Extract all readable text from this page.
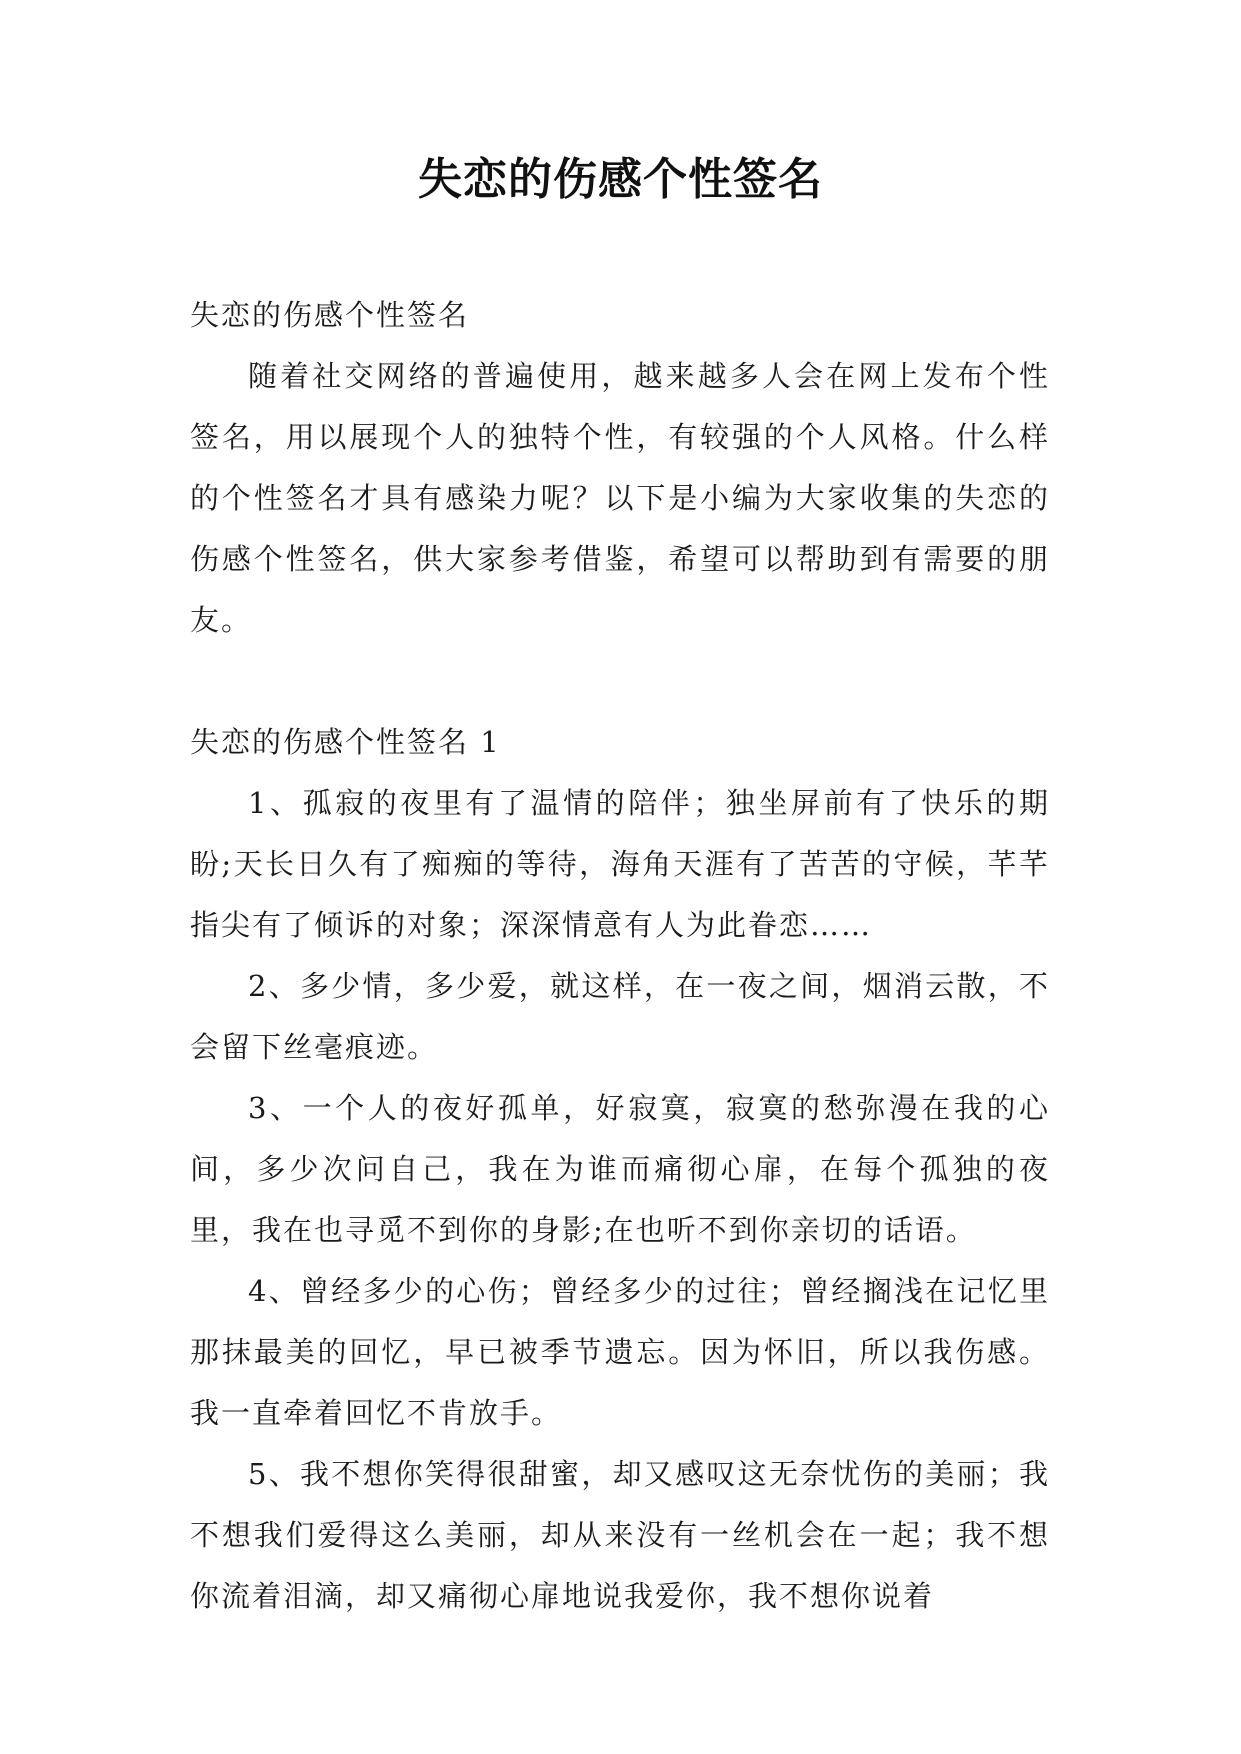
失恋的伤感个性签名

失恋的伤感个性签名

随着社交网络的普遍使用，越来越多人会在网上发布个性签名，用以展现个人的独特个性，有较强的个人风格。什么样的个性签名才具有感染力呢？以下是小编为大家收集的失恋的伤感个性签名，供大家参考借鉴，希望可以帮助到有需要的朋友。

失恋的伤感个性签名 1

1、孤寂的夜里有了温情的陪伴；独坐屏前有了快乐的期盼;天长日久有了痴痴的等待，海角天涯有了苦苦的守候，芊芊指尖有了倾诉的对象；深深情意有人为此眷恋……

2、多少情，多少爱，就这样，在一夜之间，烟消云散，不会留下丝毫痕迹。

3、一个人的夜好孤单，好寂寞，寂寞的愁弥漫在我的心间，多少次问自己，我在为谁而痛彻心扉，在每个孤独的夜里，我在也寻觅不到你的身影;在也听不到你亲切的话语。

4、曾经多少的心伤；曾经多少的过往；曾经搁浅在记忆里那抹最美的回忆，早已被季节遗忘。因为怀旧，所以我伤感。我一直牵着回忆不肯放手。

5、我不想你笑得很甜蜜，却又感叹这无奈忧伤的美丽；我不想我们爱得这么美丽，却从来没有一丝机会在一起；我不想你流着泪滴，却又痛彻心扉地说我爱你，我不想你说着
